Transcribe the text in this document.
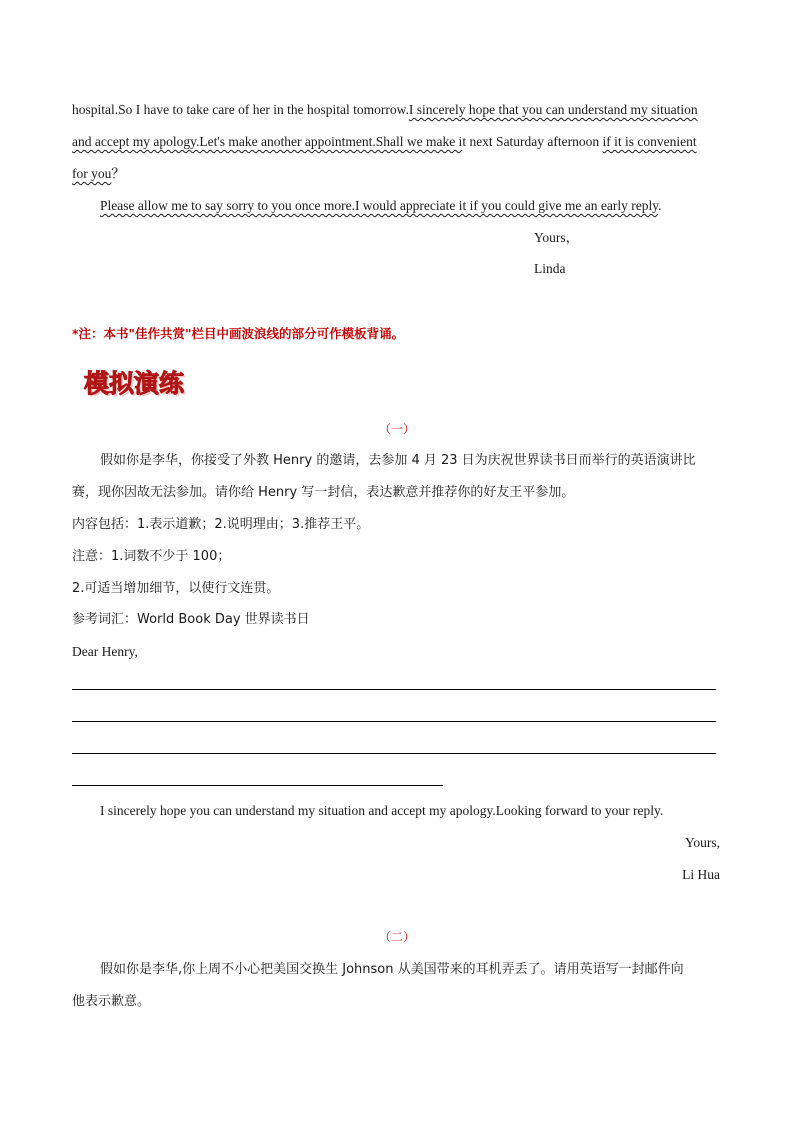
hospital.So I have to take care of her in the hospital tomorrow.I sincerely hope that you can understand my situation
and accept my apology.Let's make another appointment.Shall we make it next Saturday afternoon if it is convenient
for you？
Please allow me to say sorry to you once more.I would appreciate it if you could give me an early reply.
Yours，
Linda
*注：本书"佳作共赏"栏目中画波浪线的部分可作模板背诵。
模拟演练
（一）
假如你是李华，你接受了外教 Henry 的邀请，去参加 4 月 23 日为庆祝世界读书日而举行的英语演讲比
赛，现你因故无法参加。请你给 Henry 写一封信，表达歉意并推荐你的好友王平参加。
内容包括：1.表示道歉；2.说明理由；3.推荐王平。
注意：1.词数不少于 100；
2.可适当增加细节，以使行文连贯。
参考词汇：World Book Day 世界读书日
Dear Henry,
I sincerely hope you can understand my situation and accept my apology.Looking forward to your reply.
Yours,
Li Hua
（二）
假如你是李华,你上周不小心把美国交换生 Johnson 从美国带来的耳机弄丢了。请用英语写一封邮件向
他表示歉意。
